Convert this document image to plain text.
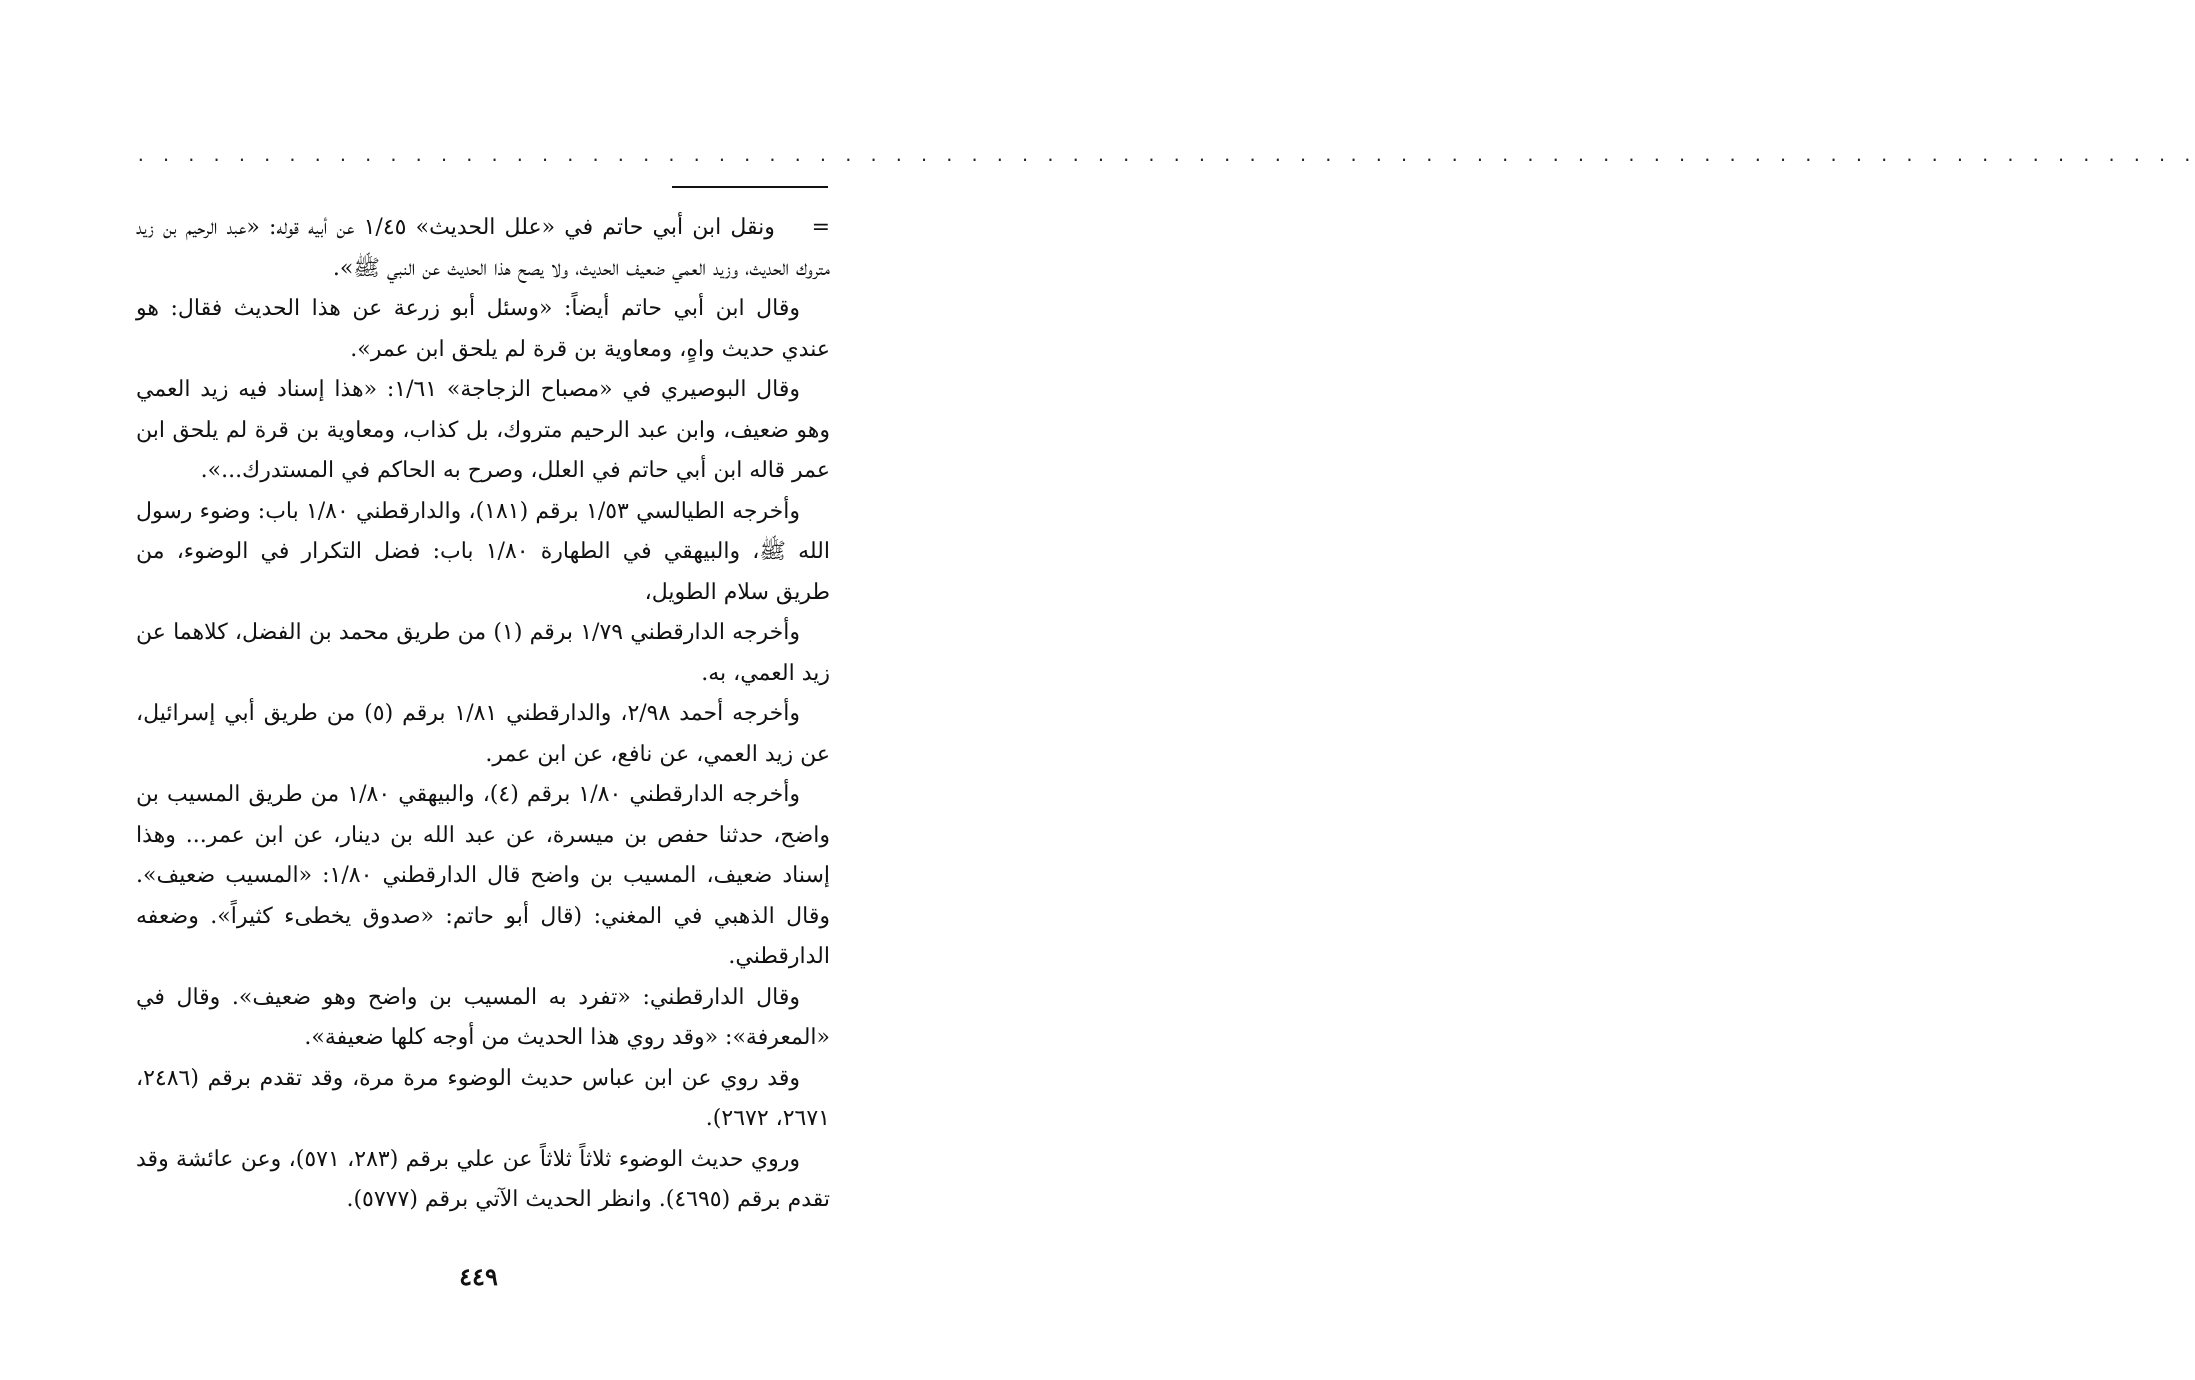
. . . . . . . . . . . . . . . . . . . . . . . . . . . . . . . . . . . . . . . . . . . . . . . . . . . . . . . . . . . . . . . . . . . . . . . . . . . . . . . . . .

=    ونقل ابن أبي حاتم في «علل الحديث» ١/٤٥ عن أبيه قوله: «عبد الرحيم بن زيد متروك الحديث، وزيد العمي ضعيف الحديث، ولا يصح هذا الحديث عن النبي ﷺ».

وقال ابن أبي حاتم أيضاً: «وسئل أبو زرعة عن هذا الحديث فقال: هو عندي حديث واهٍ، ومعاوية بن قرة لم يلحق ابن عمر».

وقال البوصيري في «مصباح الزجاجة» ١/٦١: «هذا إسناد فيه زيد العمي وهو ضعيف، وابن عبد الرحيم متروك، بل كذاب، ومعاوية بن قرة لم يلحق ابن عمر قاله ابن أبي حاتم في العلل، وصرح به الحاكم في المستدرك...».

وأخرجه الطيالسي ١/٥٣ برقم (١٨١)، والدارقطني ١/٨٠ باب: وضوء رسول الله ﷺ، والبيهقي في الطهارة ١/٨٠ باب: فضل التكرار في الوضوء، من طريق سلام الطويل،

وأخرجه الدارقطني ١/٧٩ برقم (١) من طريق محمد بن الفضل، كلاهما عن زيد العمي، به.

وأخرجه أحمد ٢/٩٨، والدارقطني ١/٨١ برقم (٥) من طريق أبي إسرائيل، عن زيد العمي، عن نافع، عن ابن عمر.

وأخرجه الدارقطني ١/٨٠ برقم (٤)، والبيهقي ١/٨٠ من طريق المسيب بن واضح، حدثنا حفص بن ميسرة، عن عبد الله بن دينار، عن ابن عمر... وهذا إسناد ضعيف، المسيب بن واضح قال الدارقطني ١/٨٠: «المسيب ضعيف». وقال الذهبي في المغني: (قال أبو حاتم: «صدوق يخطىء كثيراً». وضعفه الدارقطني.

وقال الدارقطني: «تفرد به المسيب بن واضح وهو ضعيف». وقال في «المعرفة»: «وقد روي هذا الحديث من أوجه كلها ضعيفة».

وقد روي عن ابن عباس حديث الوضوء مرة مرة، وقد تقدم برقم (٢٤٨٦، ٢٦٧١، ٢٦٧٢).

وروي حديث الوضوء ثلاثاً ثلاثاً عن علي برقم (٢٨٣، ٥٧١)، وعن عائشة وقد تقدم برقم (٤٦٩٥). وانظر الحديث الآتي برقم (٥٧٧٧).

٤٤٩
